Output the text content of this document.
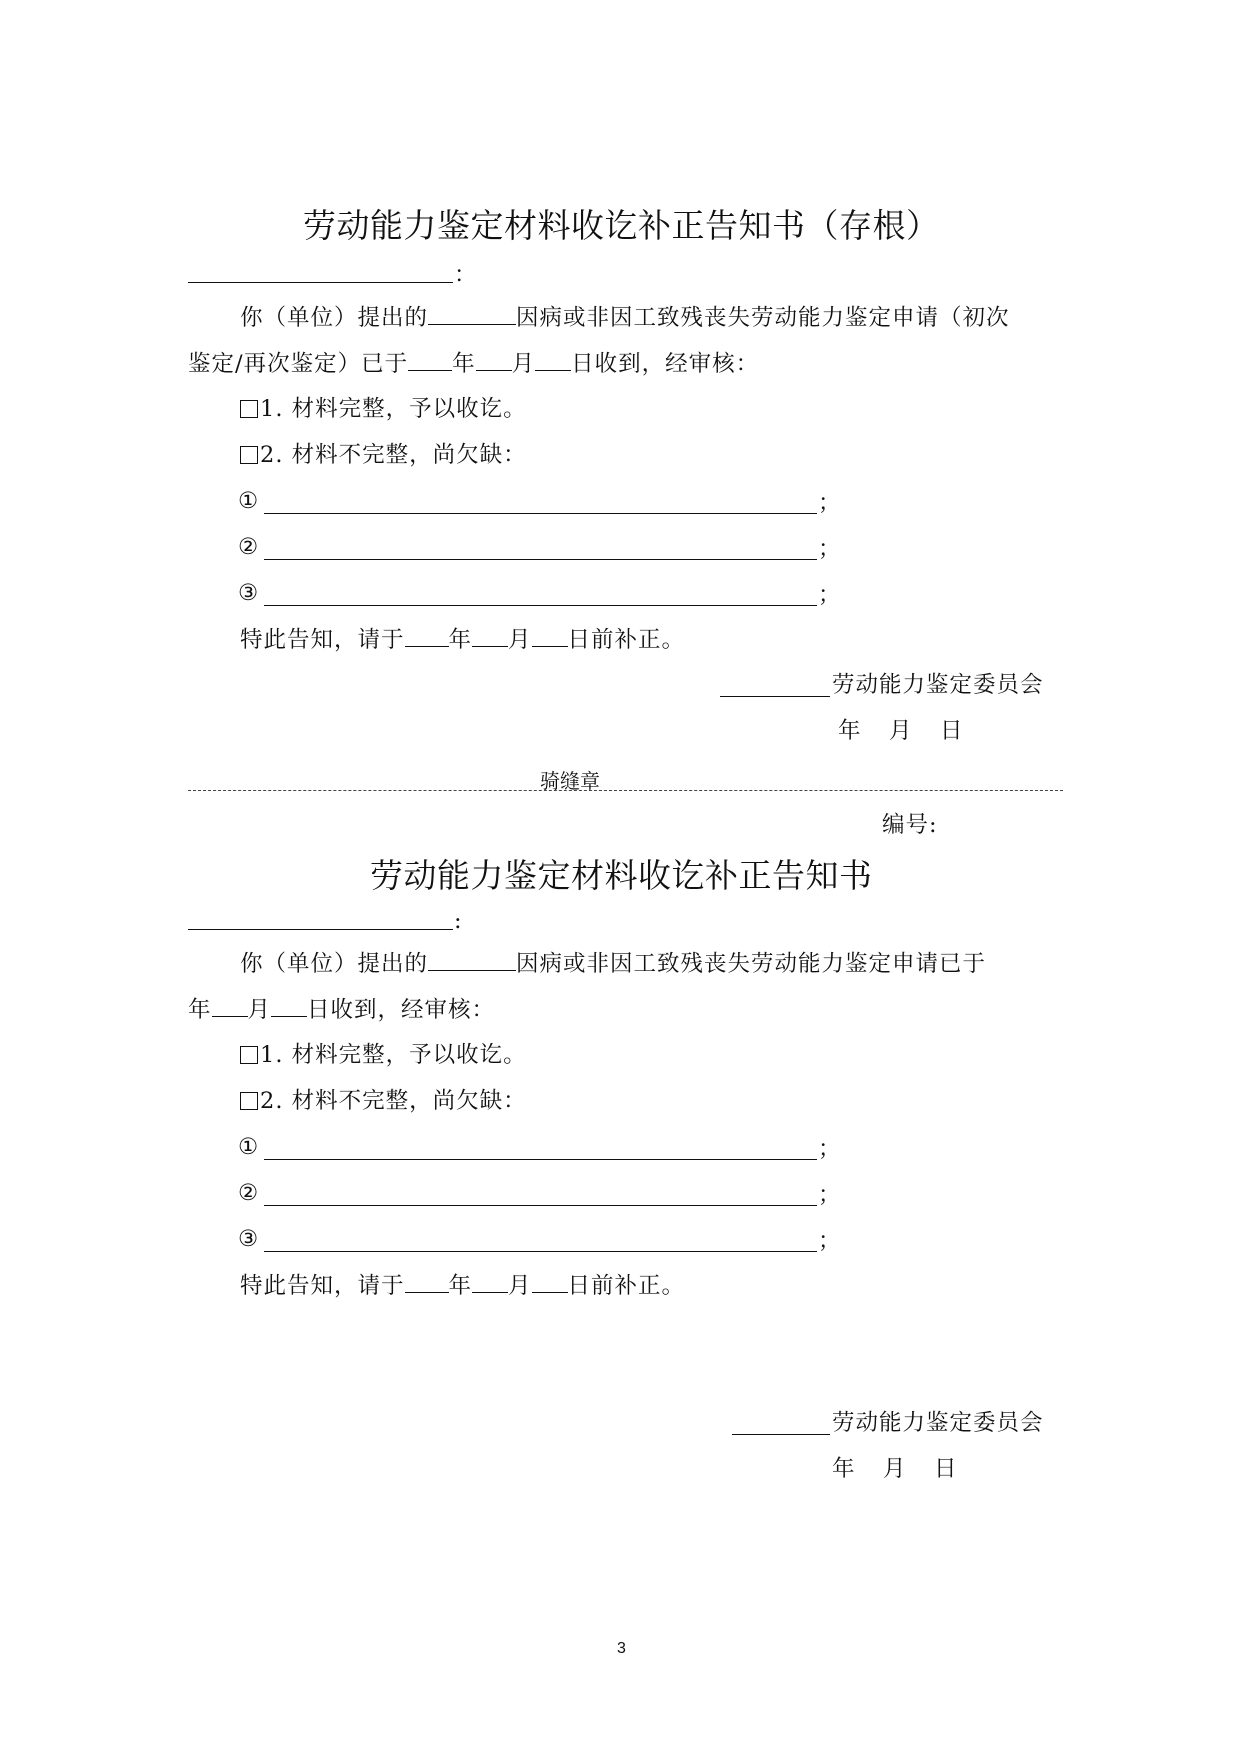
劳动能力鉴定材料收讫补正告知书（存根）
：
你（单位）提出的	因病或非因工致残丧失劳动能力鉴定申请（初次
鉴定/再次鉴定）已于 年 月 日收到，经审核：
1. 材料完整，予以收讫。
2. 材料不完整，尚欠缺：
①	；
②	；
③	；
特此告知，请于 年 月 日前补正。
劳动能力鉴定委员会
年　月　日
骑缝章
编号:
劳动能力鉴定材料收讫补正告知书
:
你（单位）提出的	因病或非因工致残丧失劳动能力鉴定申请已于
年 月 日收到，经审核：
1. 材料完整，予以收讫。
2. 材料不完整，尚欠缺：
①	；
②	；
③	；
特此告知，请于 年 月 日前补正。
劳动能力鉴定委员会
年　月　日
3
